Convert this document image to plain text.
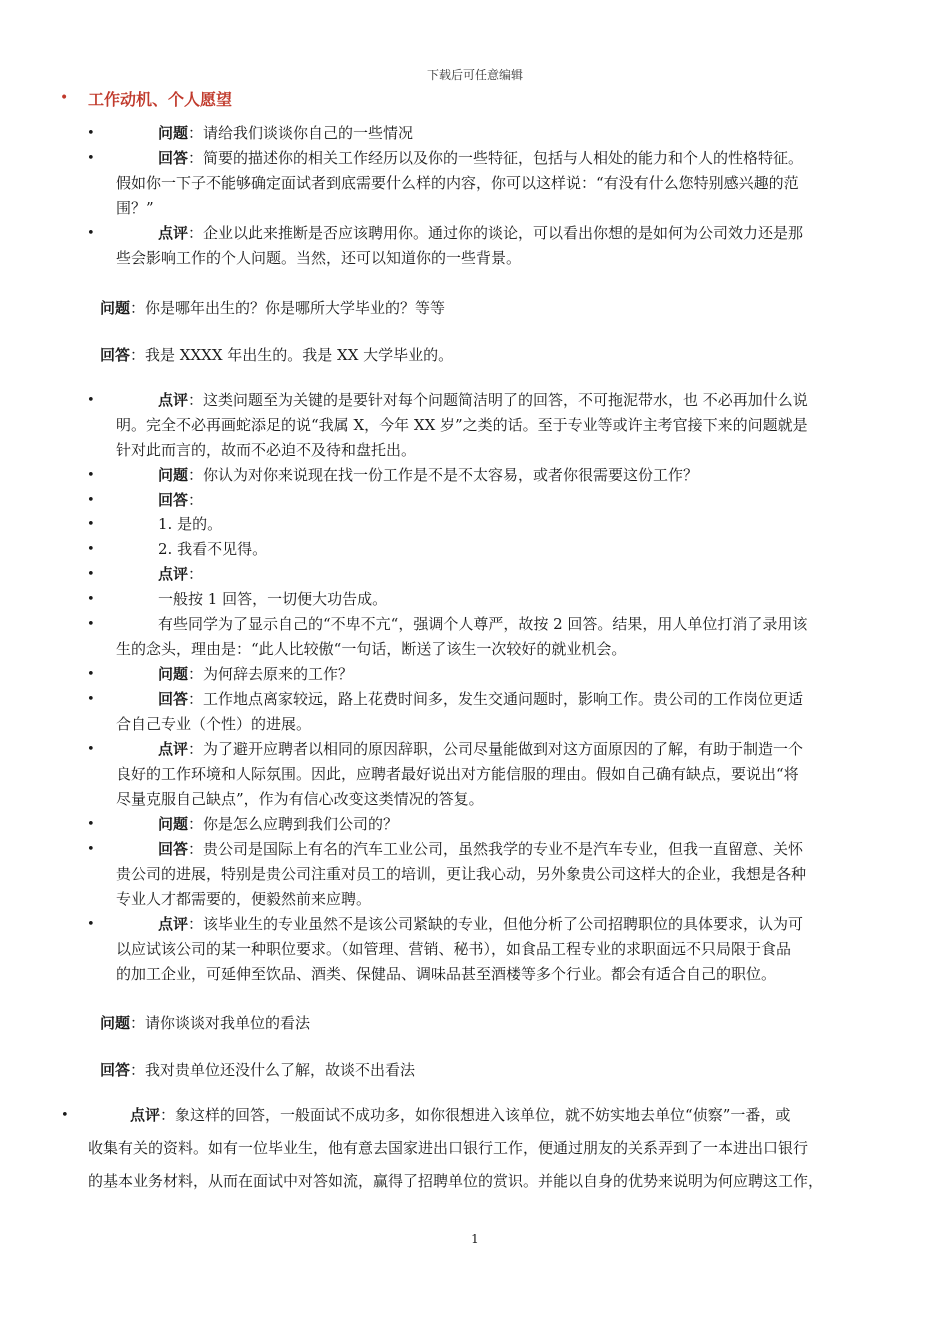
下载后可任意编辑
• 工作动机、个人愿望
•	问题：请给我们谈谈你自己的一些情况
•	回答：简要的描述你的相关工作经历以及你的一些特征，包括与人相处的能力和个人的性格特征。
假如你一下子不能够确定面试者到底需要什么样的内容，你可以这样说：“有没有什么您特别感兴趣的范
围？”
•	点评：企业以此来推断是否应该聘用你。通过你的谈论，可以看出你想的是如何为公司效力还是那
些会影响工作的个人问题。当然，还可以知道你的一些背景。
问题：你是哪年出生的？你是哪所大学毕业的？等等
回答：我是 XXXX 年出生的。我是 XX 大学毕业的。
•	点评：这类问题至为关键的是要针对每个问题简洁明了的回答，不可拖泥带水，也 不必再加什么说
明。完全不必再画蛇添足的说“我属 X，今年 XX 岁”之类的话。至于专业等或许主考官接下来的问题就是
针对此而言的，故而不必迫不及待和盘托出。
•	问题：你认为对你来说现在找一份工作是不是不太容易，或者你很需要这份工作？
•	回答：
•	1. 是的。
•	2. 我看不见得。
•	点评：
•	一般按 1 回答，一切便大功告成。
•	有些同学为了显示自己的“不卑不亢“，强调个人尊严，故按 2 回答。结果，用人单位打消了录用该
生的念头，理由是：“此人比较傲“一句话，断送了该生一次较好的就业机会。
•	问题：为何辞去原来的工作？
•	回答：工作地点离家较远，路上花费时间多，发生交通问题时，影响工作。贵公司的工作岗位更适
合自己专业（个性）的进展。
•	点评：为了避开应聘者以相同的原因辞职，公司尽量能做到对这方面原因的了解，有助于制造一个
良好的工作环境和人际氛围。因此，应聘者最好说出对方能信服的理由。假如自己确有缺点，要说出“将
尽量克服自己缺点”，作为有信心改变这类情况的答复。
•	问题：你是怎么应聘到我们公司的？
•	回答：贵公司是国际上有名的汽车工业公司，虽然我学的专业不是汽车专业，但我一直留意、关怀
贵公司的进展，特别是贵公司注重对员工的培训，更让我心动，另外象贵公司这样大的企业，我想是各种
专业人才都需要的，便毅然前来应聘。
•	点评：该毕业生的专业虽然不是该公司紧缺的专业，但他分析了公司招聘职位的具体要求，认为可
以应试该公司的某一种职位要求。（如管理、营销、秘书），如食品工程专业的求职面远不只局限于食品
的加工企业，可延伸至饮品、酒类、保健品、调味品甚至酒楼等多个行业。都会有适合自己的职位。
问题：请你谈谈对我单位的看法
回答：我对贵单位还没什么了解，故谈不出看法
•	点评：象这样的回答，一般面试不成功多，如你很想进入该单位，就不妨实地去单位“侦察”一番，或
收集有关的资料。如有一位毕业生，他有意去国家进出口银行工作，便通过朋友的关系弄到了一本进出口银行
的基本业务材料，从而在面试中对答如流，赢得了招聘单位的赏识。并能以自身的优势来说明为何应聘这工作，
1
